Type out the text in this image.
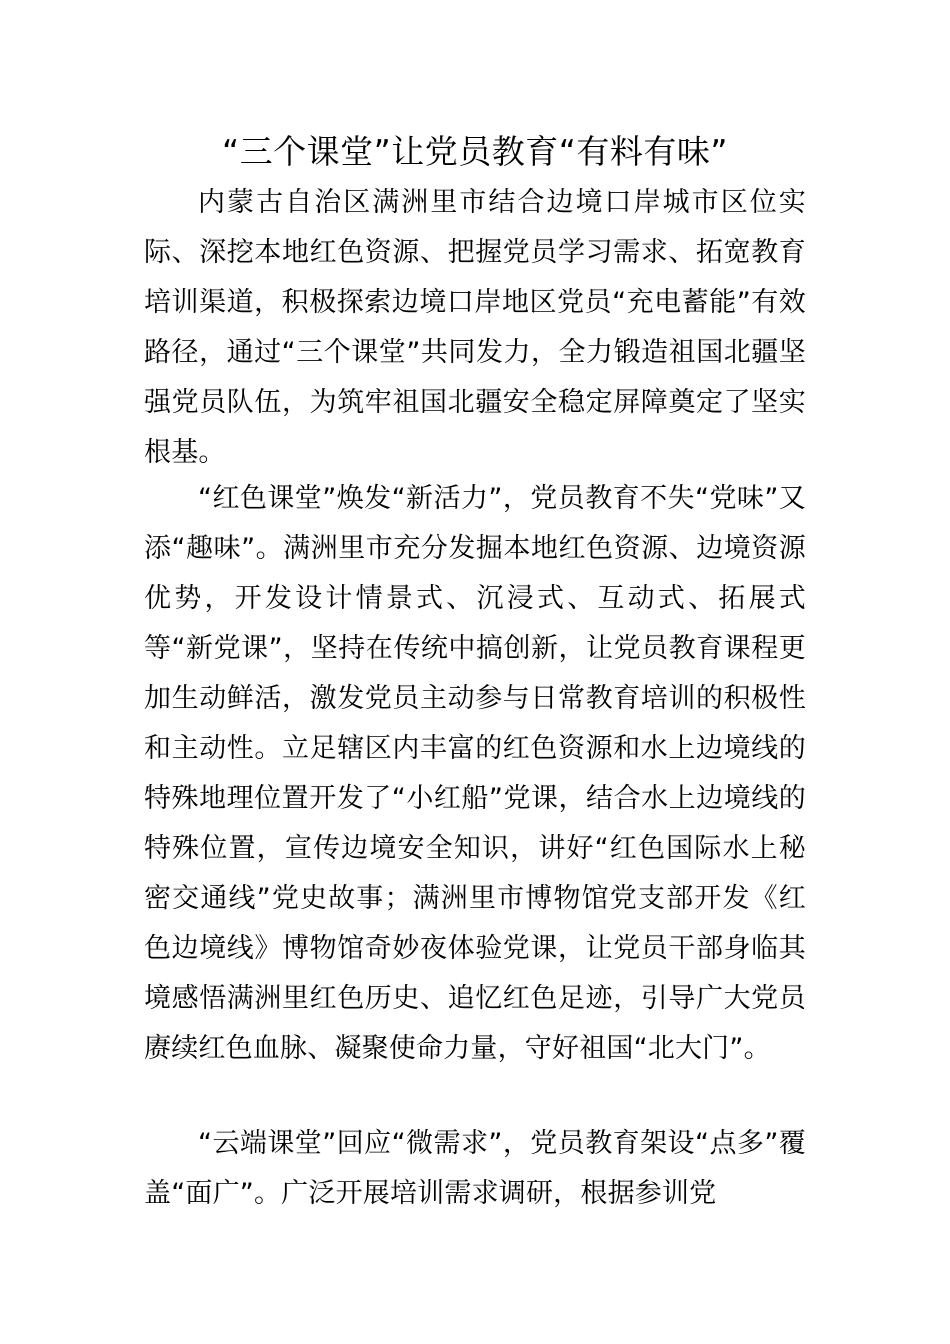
“三个课堂”让党员教育“有料有味”

内蒙古自治区满洲里市结合边境口岸城市区位实际、深挖本地红色资源、把握党员学习需求、拓宽教育培训渠道，积极探索边境口岸地区党员“充电蓄能”有效路径，通过“三个课堂”共同发力，全力锻造祖国北疆坚强党员队伍，为筑牢祖国北疆安全稳定屏障奠定了坚实根基。

“红色课堂”焕发“新活力”，党员教育不失“党味”又添“趣味”。满洲里市充分发掘本地红色资源、边境资源优势，开发设计情景式、沉浸式、互动式、拓展式等“新党课”，坚持在传统中搞创新，让党员教育课程更加生动鲜活，激发党员主动参与日常教育培训的积极性和主动性。立足辖区内丰富的红色资源和水上边境线的特殊地理位置开发了“小红船”党课，结合水上边境线的特殊位置，宣传边境安全知识，讲好“红色国际水上秘密交通线”党史故事；满洲里市博物馆党支部开发《红色边境线》博物馆奇妙夜体验党课，让党员干部身临其境感悟满洲里红色历史、追忆红色足迹，引导广大党员赓续红色血脉、凝聚使命力量，守好祖国“北大门”。

“云端课堂”回应“微需求”，党员教育架设“点多”覆盖“面广”。广泛开展培训需求调研，根据参训党
